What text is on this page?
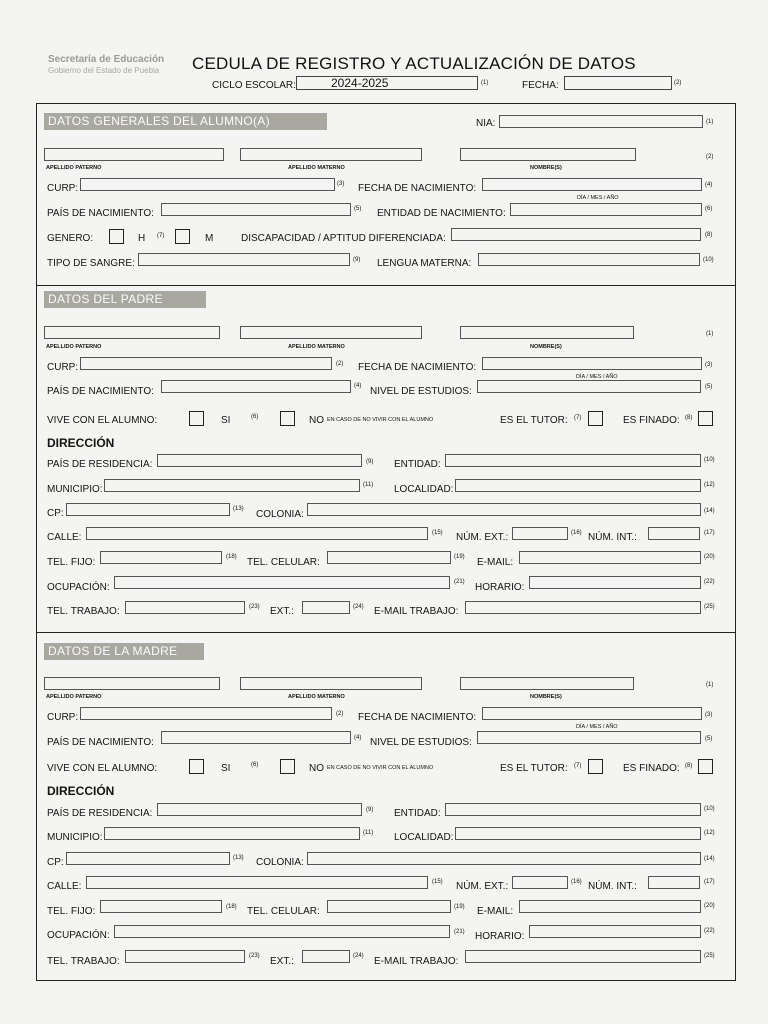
Secretaría de Educación
Gobierno del Estado de Puebla	CEDULA DE REGISTRO Y ACTUALIZACIÓN DE DATOS
CICLO ESCOLAR:	2024-2025	(1)	FECHA:	(2)
DATOS GENERALES DEL ALUMNO(A)	NIA:	(1)
(2)
APELLIDO PATERNO	APELLIDO MATERNO	NOMBRE(S)
CURP:	(3) FECHA DE NACIMIENTO:	(4)
DÍA / MES / AÑO
PAÍS DE NACIMIENTO:	(5) ENTIDAD DE NACIMIENTO:	(6)
GENERO:	H (7)	M	DISCAPACIDAD / APTITUD DIFERENCIADA:	(8)
TIPO DE SANGRE:	(9) LENGUA MATERNA:	(10)
DATOS DEL PADRE
(1)
APELLIDO PATERNO	APELLIDO MATERNO	NOMBRE(S)
CURP:	(2) FECHA DE NACIMIENTO:	(3)
DÍA / MES / AÑO
PAÍS DE NACIMIENTO:	(4) NIVEL DE ESTUDIOS:	(5)
VIVE CON EL ALUMNO:	SI	(6)	NO EN CASO DE NO VIVIR CON EL ALUMNO	ES EL TUTOR: (7)	ES FINADO: (8)
DIRECCIÓN
PAÍS DE RESIDENCIA:	(9) ENTIDAD:	(10)
MUNICIPIO:	(11) LOCALIDAD:	(12)
CP:	(13) COLONIA:	(14)
CALLE:	(15) NÚM. EXT.:	(16) NÚM. INT.:	(17)
TEL. FIJO:	(18) TEL. CELULAR:	(19) E-MAIL:	(20)
OCUPACIÓN:	(21) HORARIO:	(22)
TEL. TRABAJO:	(23) EXT.:	(24) E-MAIL TRABAJO:	(25)
DATOS DE LA MADRE
(1)
APELLIDO PATERNO	APELLIDO MATERNO	NOMBRE(S)
CURP:	(2) FECHA DE NACIMIENTO:	(3)
DÍA / MES / AÑO
PAÍS DE NACIMIENTO:	(4) NIVEL DE ESTUDIOS:	(5)
VIVE CON EL ALUMNO:	SI	(6)	NO EN CASO DE NO VIVIR CON EL ALUMNO	ES EL TUTOR: (7)	ES FINADO: (8)
DIRECCIÓN
PAÍS DE RESIDENCIA:	(9) ENTIDAD:	(10)
MUNICIPIO:	(11) LOCALIDAD:	(12)
CP:	(13) COLONIA:	(14)
CALLE:	(15) NÚM. EXT.:	(16) NÚM. INT.:	(17)
TEL. FIJO:	(18) TEL. CELULAR:	(19) E-MAIL:	(20)
OCUPACIÓN:	(21) HORARIO:	(22)
TEL. TRABAJO:	(23) EXT.:	(24) E-MAIL TRABAJO:	(25)
